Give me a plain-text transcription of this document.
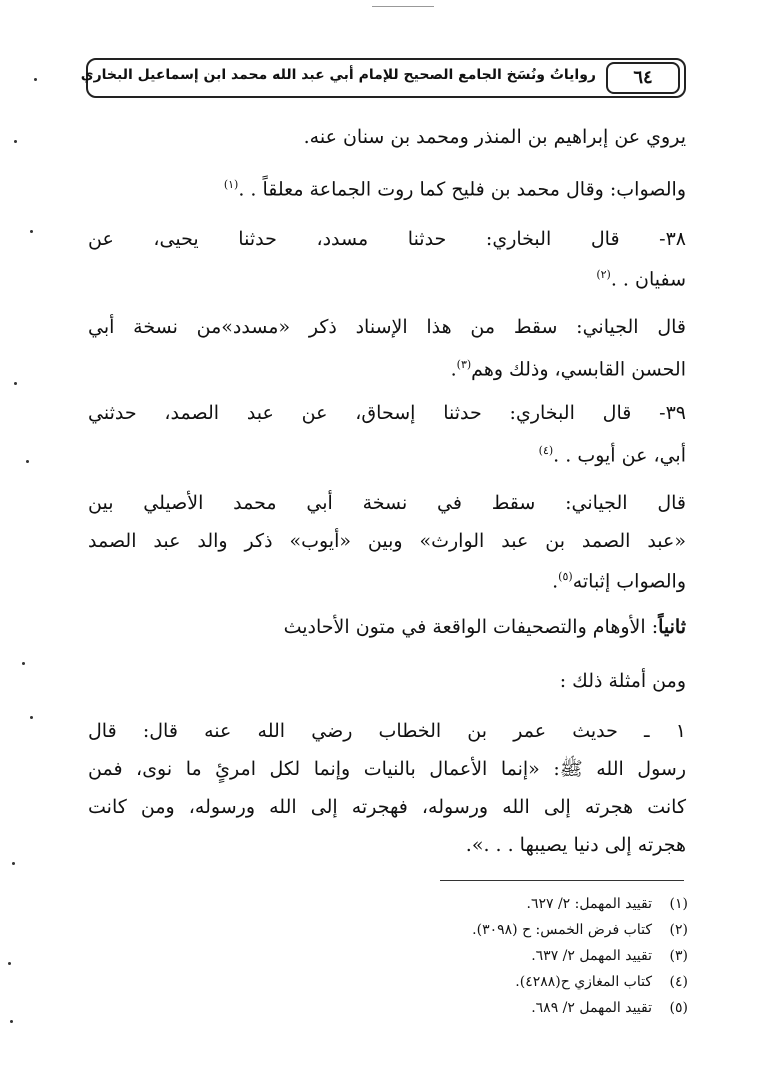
رواياتُ ونُسَخ الجامع الصحيح للإمام أبي عبد الله محمد ابن إسماعيل البخاري	٦٤
يروي عن إبراهيم بن المنذر ومحمد بن سنان عنه.
والصواب: وقال محمد بن فليح كما روت الجماعة معلقاً . .$^{(١)}$
٣٨- قال البخاري: حدثنا مسدد، حدثنا يحيى، عن
سفيان . .$^{(٢)}$
قال الجياني: سقط من هذا الإسناد ذكر «مسدد»من نسخة أبي
الحسن القابسي، وذلك وهم$^{(٣)}$.
٣٩- قال البخاري: حدثنا إسحاق، عن عبد الصمد، حدثني
أبي، عن أيوب . .$^{(٤)}$
قال الجياني: سقط في نسخة أبي محمد الأصيلي بين
«عبد الصمد بن عبد الوارث» وبين «أيوب» ذكر والد عبد الصمد
والصواب إثباته$^{(٥)}$.
ثانياً: الأوهام والتصحيفات الواقعة في متون الأحاديث
ومن أمثلة ذلك :
١ ـ حديث عمر بن الخطاب رضي الله عنه قال: قال
رسول الله ﷺ: «إنما الأعمال بالنيات وإنما لكل امرئٍ ما نوى، فمن
كانت هجرته إلى الله ورسوله، فهجرته إلى الله ورسوله، ومن كانت
هجرته إلى دنيا يصيبها . . .».
(١)تقييد المهمل: ٢/ ٦٢٧.
(٢)كتاب فرض الخمس: ح (٣٠٩٨).
(٣)تقييد المهمل ٢/ ٦٣٧.
(٤)كتاب المغازي ح(٤٢٨٨).
(٥)تقييد المهمل ٢/ ٦٨٩.
